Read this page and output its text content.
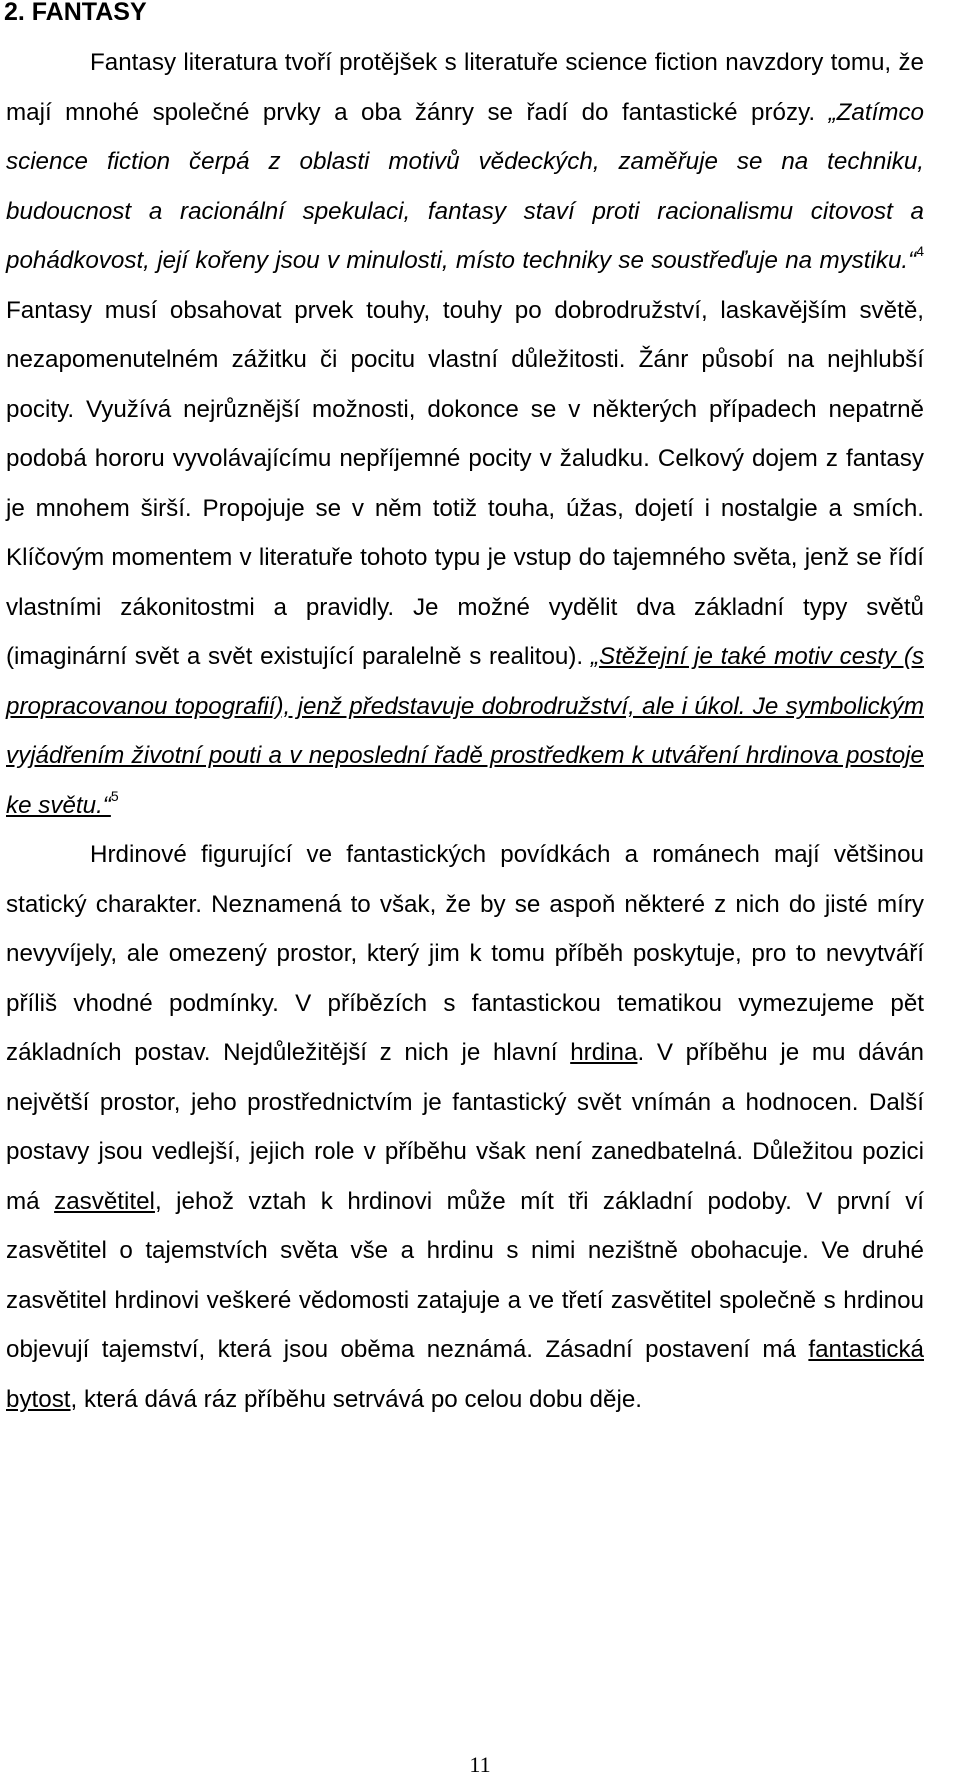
2. FANTASY

Fantasy literatura tvoří protějšek s literatuře science fiction navzdory tomu, že mají mnohé společné prvky a oba žánry se řadí do fantastické prózy. „Zatímco science fiction čerpá z oblasti motivů vědeckých, zaměřuje se na techniku, budoucnost a racionální spekulaci, fantasy staví proti racionalismu citovost a pohádkovost, její kořeny jsou v minulosti, místo techniky se soustřeďuje na mystiku.“$^4$ Fantasy musí obsahovat prvek touhy, touhy po dobrodružství, laskavějším světě, nezapomenutelném zážitku či pocitu vlastní důležitosti. Žánr působí na nejhlubší pocity. Využívá nejrůznější možnosti, dokonce se v některých případech nepatrně podobá hororu vyvolávajícímu nepříjemné pocity v žaludku. Celkový dojem z fantasy je mnohem širší. Propojuje se v něm totiž touha, úžas, dojetí i nostalgie a smích. Klíčovým momentem v literatuře tohoto typu je vstup do tajemného světa, jenž se řídí vlastními zákonitostmi a pravidly. Je možné vydělit dva základní typy světů (imaginární svět a svět existující paralelně s realitou). „Stěžejní je také motiv cesty (s propracovanou topografií), jenž představuje dobrodružství, ale i úkol. Je symbolickým vyjádřením životní pouti a v neposlední řadě prostředkem k utváření hrdinova postoje ke světu.“$^5$

Hrdinové figurující ve fantastických povídkách a románech mají většinou statický charakter. Neznamená to však, že by se aspoň některé z nich do jisté míry nevyvíjely, ale omezený prostor, který jim k tomu příběh poskytuje, pro to nevytváří příliš vhodné podmínky. V příbězích s fantastickou tematikou vymezujeme pět základních postav. Nejdůležitější z nich je hlavní hrdina. V příběhu je mu dáván největší prostor, jeho prostřednictvím je fantastický svět vnímán a hodnocen. Další postavy jsou vedlejší, jejich role v příběhu však není zanedbatelná. Důležitou pozici má zasvětitel, jehož vztah k hrdinovi může mít tři základní podoby. V první ví zasvětitel o tajemstvích světa vše a hrdinu s nimi nezištně obohacuje. Ve druhé zasvětitel hrdinovi veškeré vědomosti zatajuje a ve třetí zasvětitel společně s hrdinou objevují tajemství, která jsou oběma neznámá. Zásadní postavení má fantastická bytost, která dává ráz příběhu setrvává po celou dobu děje.

11
